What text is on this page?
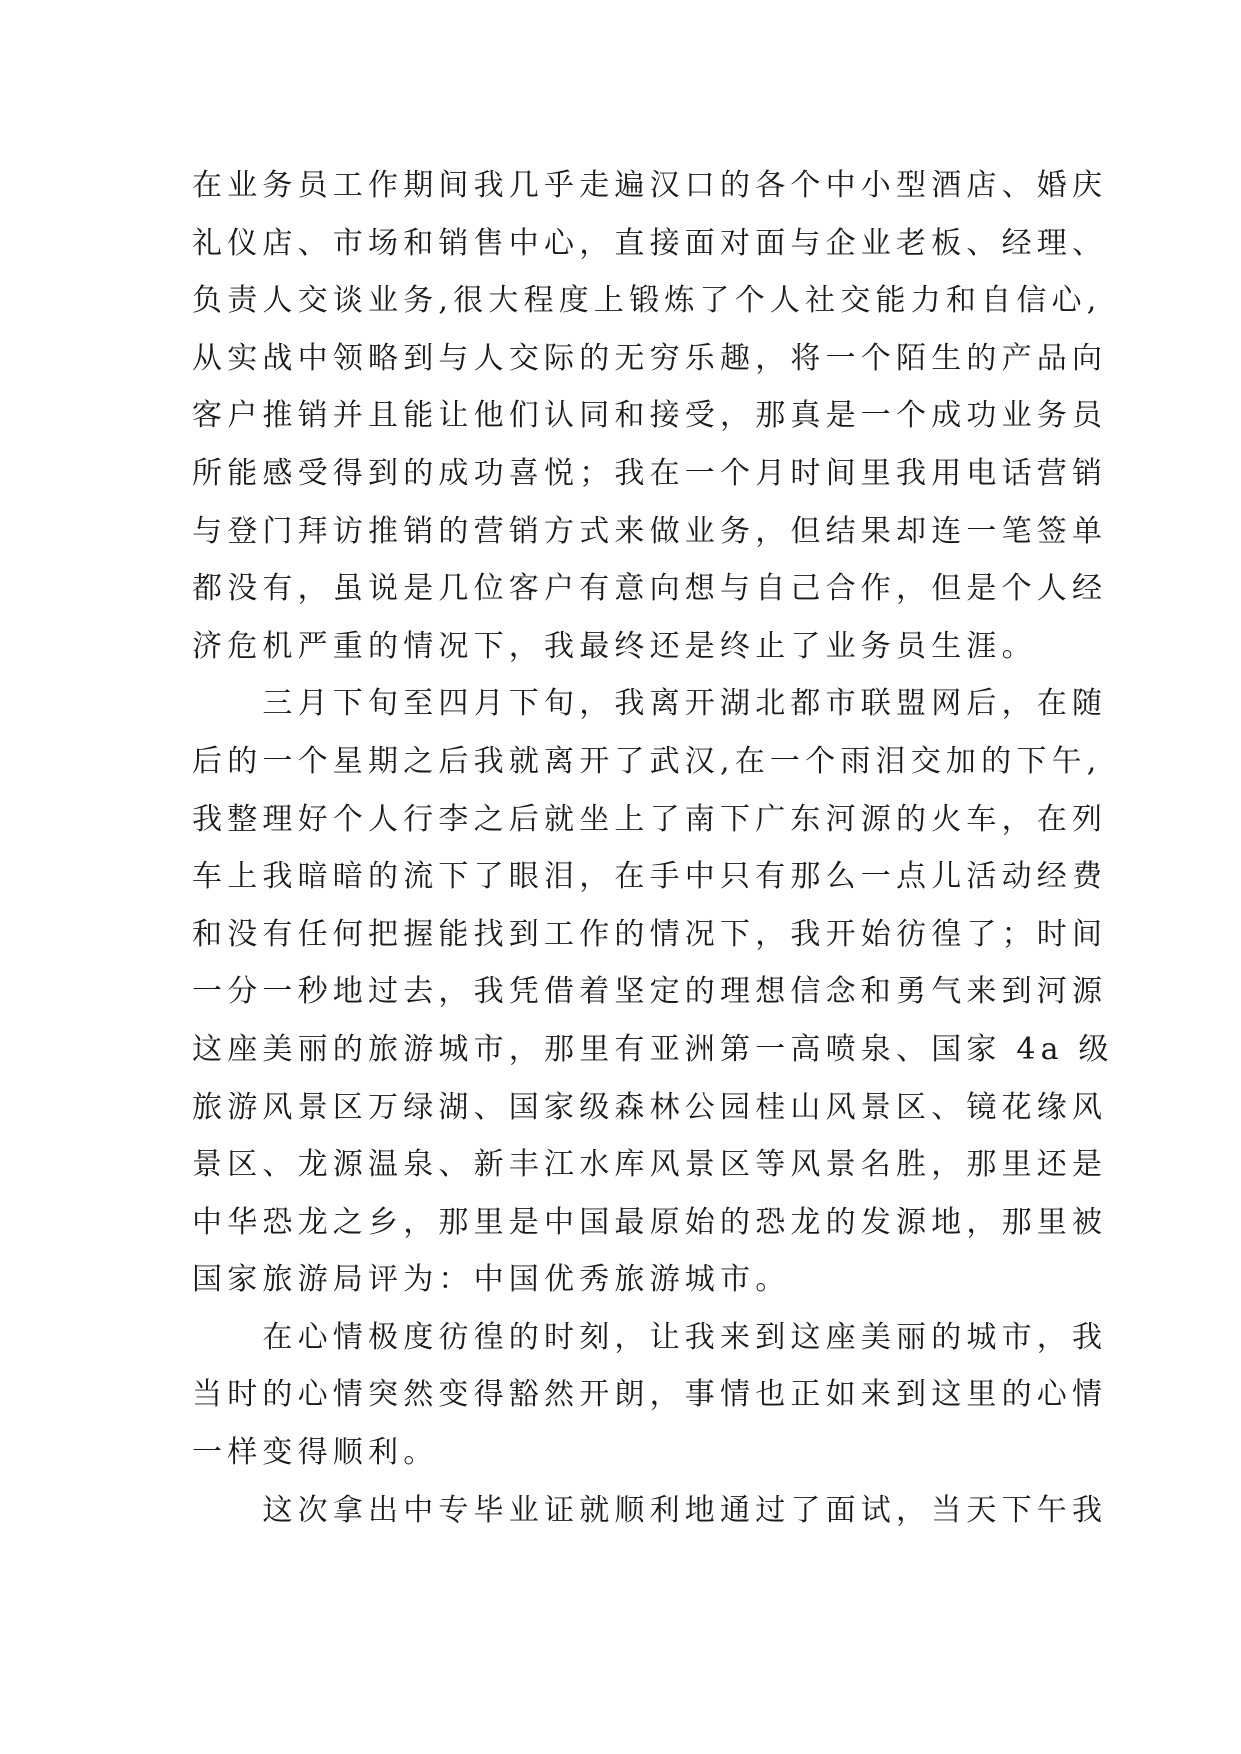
在业务员工作期间我几乎走遍汉口的各个中小型酒店、婚庆
礼仪店、市场和销售中心，直接面对面与企业老板、经理、
负责人交谈业务,很大程度上锻炼了个人社交能力和自信心,
从实战中领略到与人交际的无穷乐趣，将一个陌生的产品向
客户推销并且能让他们认同和接受，那真是一个成功业务员
所能感受得到的成功喜悦；我在一个月时间里我用电话营销
与登门拜访推销的营销方式来做业务，但结果却连一笔签单
都没有，虽说是几位客户有意向想与自己合作，但是个人经
济危机严重的情况下，我最终还是终止了业务员生涯。
　　三月下旬至四月下旬，我离开湖北都市联盟网后，在随
后的一个星期之后我就离开了武汉,在一个雨泪交加的下午,
我整理好个人行李之后就坐上了南下广东河源的火车，在列
车上我暗暗的流下了眼泪，在手中只有那么一点儿活动经费
和没有任何把握能找到工作的情况下，我开始彷徨了；时间
一分一秒地过去，我凭借着坚定的理想信念和勇气来到河源
这座美丽的旅游城市，那里有亚洲第一高喷泉、国家 4a 级
旅游风景区万绿湖、国家级森林公园桂山风景区、镜花缘风
景区、龙源温泉、新丰江水库风景区等风景名胜，那里还是
中华恐龙之乡，那里是中国最原始的恐龙的发源地，那里被
国家旅游局评为：中国优秀旅游城市。
　　在心情极度彷徨的时刻，让我来到这座美丽的城市，我
当时的心情突然变得豁然开朗，事情也正如来到这里的心情
一样变得顺利。
　　这次拿出中专毕业证就顺利地通过了面试，当天下午我
